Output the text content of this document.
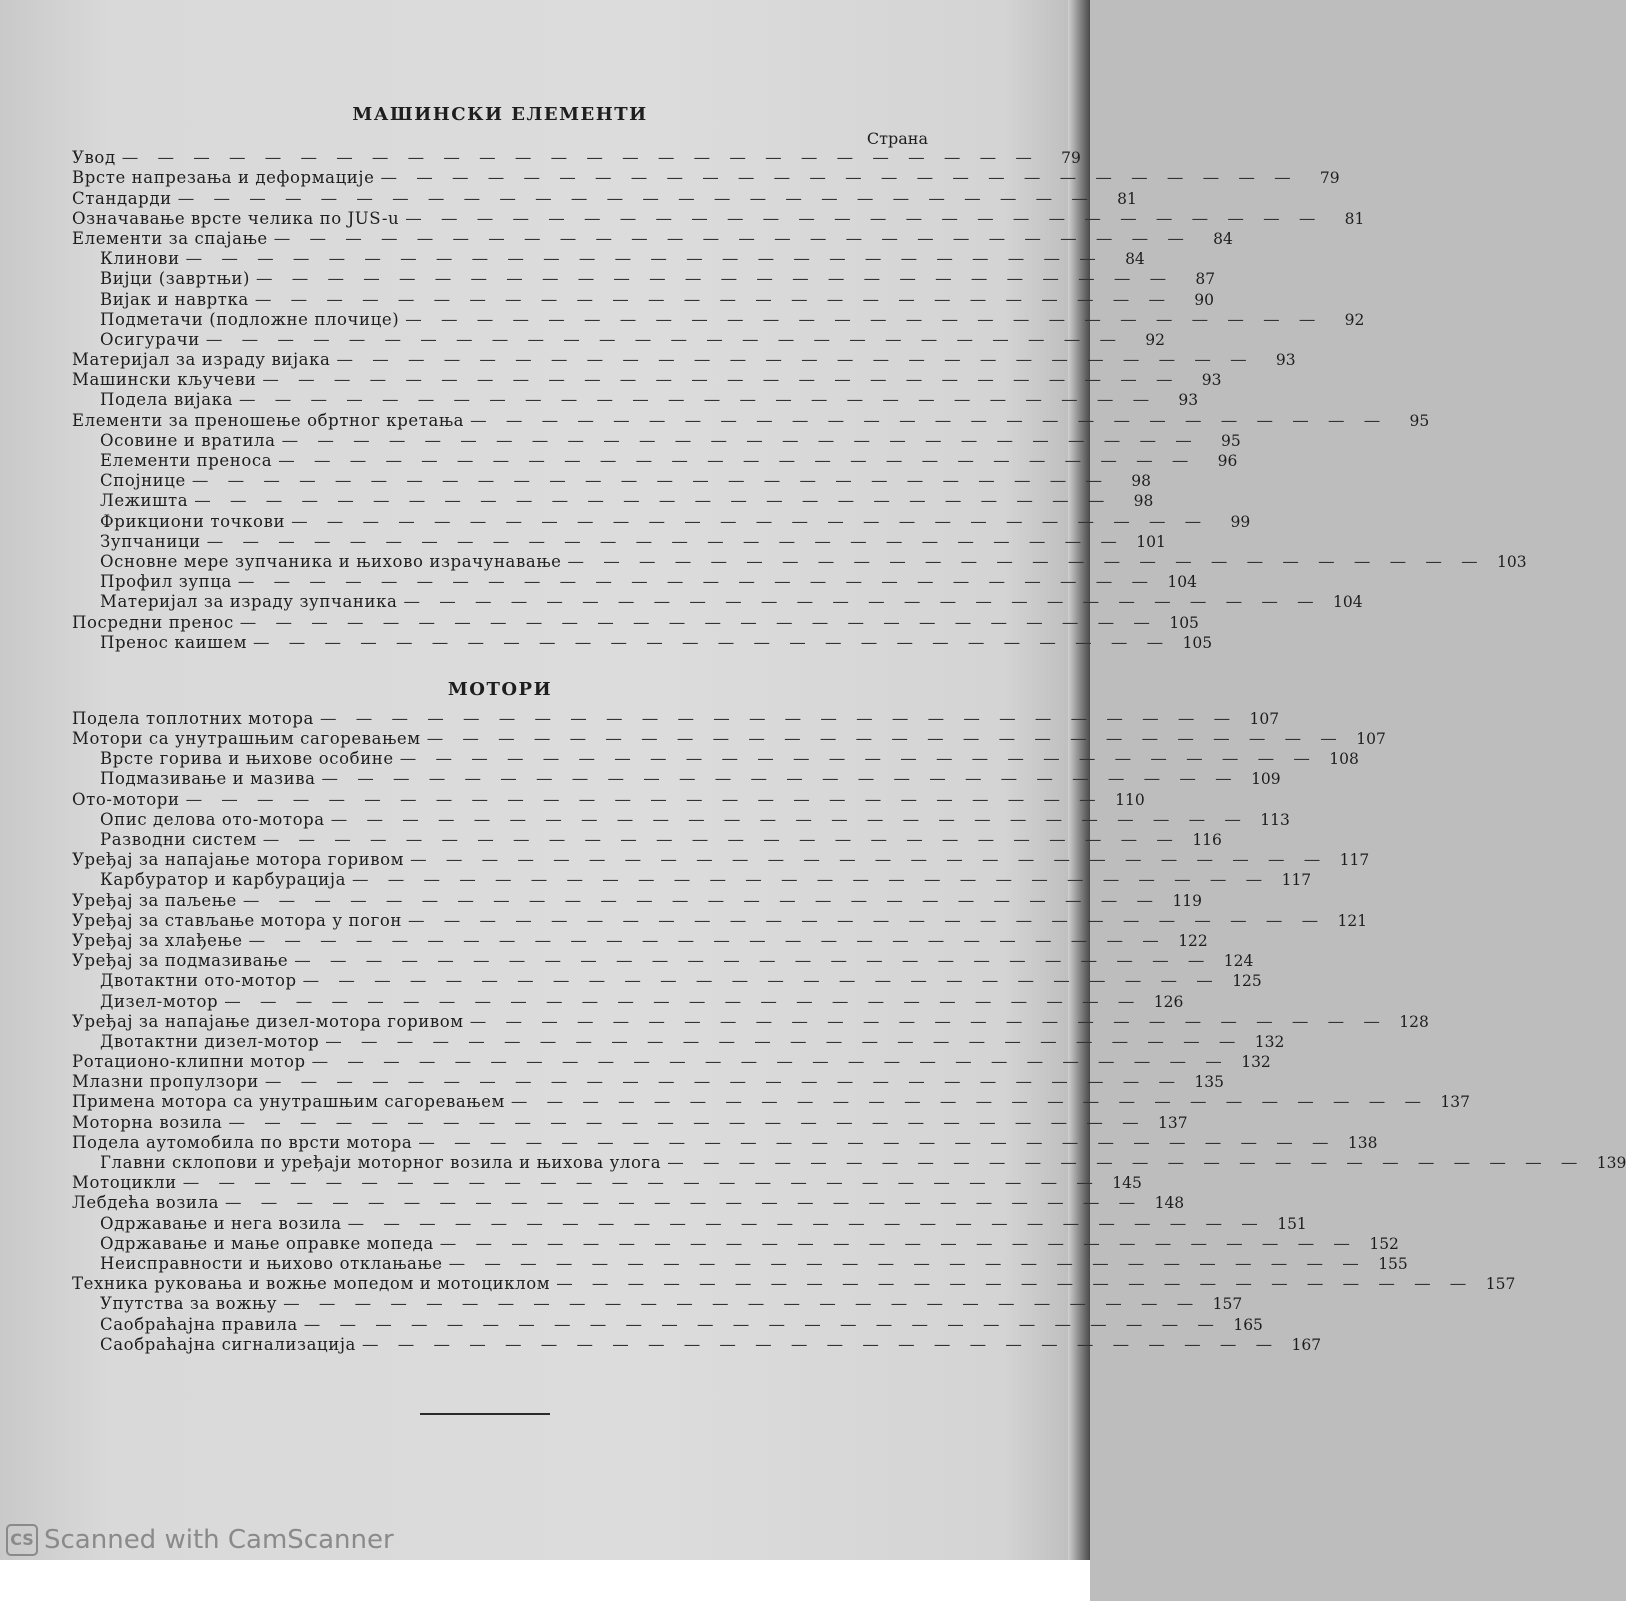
МАШИНСКИ ЕЛЕМЕНТИ
Страна
Увод — — — — — — — — — — — — — — — — — — — — — — — — — —	79
Врсте напрезања и деформације — — — — — — — — — — — — — — — — — — — — — — — — — —	79
Стандарди — — — — — — — — — — — — — — — — — — — — — — — — — —	81
Означавање врсте челика по JUS-u — — — — — — — — — — — — — — — — — — — — — — — — — —	81
Елементи за спајање — — — — — — — — — — — — — — — — — — — — — — — — — —	84
Клинови — — — — — — — — — — — — — — — — — — — — — — — — — —	84
Вијци (завртњи) — — — — — — — — — — — — — — — — — — — — — — — — — —	87
Вијак и навртка — — — — — — — — — — — — — — — — — — — — — — — — — —	90
Подметачи (подложне плочице) — — — — — — — — — — — — — — — — — — — — — — — — — —	92
Осигурачи — — — — — — — — — — — — — — — — — — — — — — — — — —	92
Материјал за израду вијака — — — — — — — — — — — — — — — — — — — — — — — — — —	93
Машински кључеви — — — — — — — — — — — — — — — — — — — — — — — — — —	93
Подела вијака — — — — — — — — — — — — — — — — — — — — — — — — — —	93
Елементи за преношење обртног кретања — — — — — — — — — — — — — — — — — — — — — — — — — —	95
Осовине и вратила — — — — — — — — — — — — — — — — — — — — — — — — — —	95
Елементи преноса — — — — — — — — — — — — — — — — — — — — — — — — — —	96
Спојнице — — — — — — — — — — — — — — — — — — — — — — — — — —	98
Лежишта — — — — — — — — — — — — — — — — — — — — — — — — — —	98
Фрикциони точкови — — — — — — — — — — — — — — — — — — — — — — — — — —	99
Зупчаници — — — — — — — — — — — — — — — — — — — — — — — — — — 101
Основне мере зупчаника и њихово израчунавање — — — — — — — — — — — — — — — — — — — — — — — — — — 103
Профил зупца — — — — — — — — — — — — — — — — — — — — — — — — — — 104
Материјал за израду зупчаника — — — — — — — — — — — — — — — — — — — — — — — — — — 104
Посредни пренос — — — — — — — — — — — — — — — — — — — — — — — — — — 105
Пренос каишем — — — — — — — — — — — — — — — — — — — — — — — — — — 105
МОТОРИ
Подела топлотних мотора — — — — — — — — — — — — — — — — — — — — — — — — — — 107
Мотори са унутрашњим сагоревањем — — — — — — — — — — — — — — — — — — — — — — — — — — 107
Врсте горива и њихове особине — — — — — — — — — — — — — — — — — — — — — — — — — — 108
Подмазивање и мазива — — — — — — — — — — — — — — — — — — — — — — — — — — 109
Ото-мотори — — — — — — — — — — — — — — — — — — — — — — — — — — 110
Опис делова ото-мотора — — — — — — — — — — — — — — — — — — — — — — — — — — 113
Разводни систем — — — — — — — — — — — — — — — — — — — — — — — — — — 116
Уређај за напајање мотора горивом — — — — — — — — — — — — — — — — — — — — — — — — — — 117
Карбуратор и карбурација — — — — — — — — — — — — — — — — — — — — — — — — — — 117
Уређај за паљење — — — — — — — — — — — — — — — — — — — — — — — — — — 119
Уређај за стављање мотора у погон — — — — — — — — — — — — — — — — — — — — — — — — — — 121
Уређај за хлађење — — — — — — — — — — — — — — — — — — — — — — — — — — 122
Уређај за подмазивање — — — — — — — — — — — — — — — — — — — — — — — — — — 124
Двотактни ото-мотор — — — — — — — — — — — — — — — — — — — — — — — — — — 125
Дизел-мотор — — — — — — — — — — — — — — — — — — — — — — — — — — 126
Уређај за напајање дизел-мотора горивом — — — — — — — — — — — — — — — — — — — — — — — — — — 128
Двотактни дизел-мотор — — — — — — — — — — — — — — — — — — — — — — — — — — 132
Ротационо-клипни мотор — — — — — — — — — — — — — — — — — — — — — — — — — — 132
Млазни пропулзори — — — — — — — — — — — — — — — — — — — — — — — — — — 135
Примена мотора са унутрашњим сагоревањем — — — — — — — — — — — — — — — — — — — — — — — — — — 137
Моторна возила — — — — — — — — — — — — — — — — — — — — — — — — — — 137
Подела аутомобила по врсти мотора — — — — — — — — — — — — — — — — — — — — — — — — — — 138
Главни склопови и уређаји моторног возила и њихова улога — — — — — — — — — — — — — — — — — — — — — — — — — — 139
Мотоцикли — — — — — — — — — — — — — — — — — — — — — — — — — — 145
Лебдећа возила — — — — — — — — — — — — — — — — — — — — — — — — — — 148
Одржавање и нега возила — — — — — — — — — — — — — — — — — — — — — — — — — — 151
Одржавање и мање оправке мопеда — — — — — — — — — — — — — — — — — — — — — — — — — — 152
Неисправности и њихово отклањање — — — — — — — — — — — — — — — — — — — — — — — — — — 155
Техника руковања и вожње мопедом и мотоциклом — — — — — — — — — — — — — — — — — — — — — — — — — — 157
Упутства за вожњу — — — — — — — — — — — — — — — — — — — — — — — — — — 157
Саобраћајна правила — — — — — — — — — — — — — — — — — — — — — — — — — — 165
Саобраћајна сигнализација — — — — — — — — — — — — — — — — — — — — — — — — — — 167
CS Scanned with CamScanner
